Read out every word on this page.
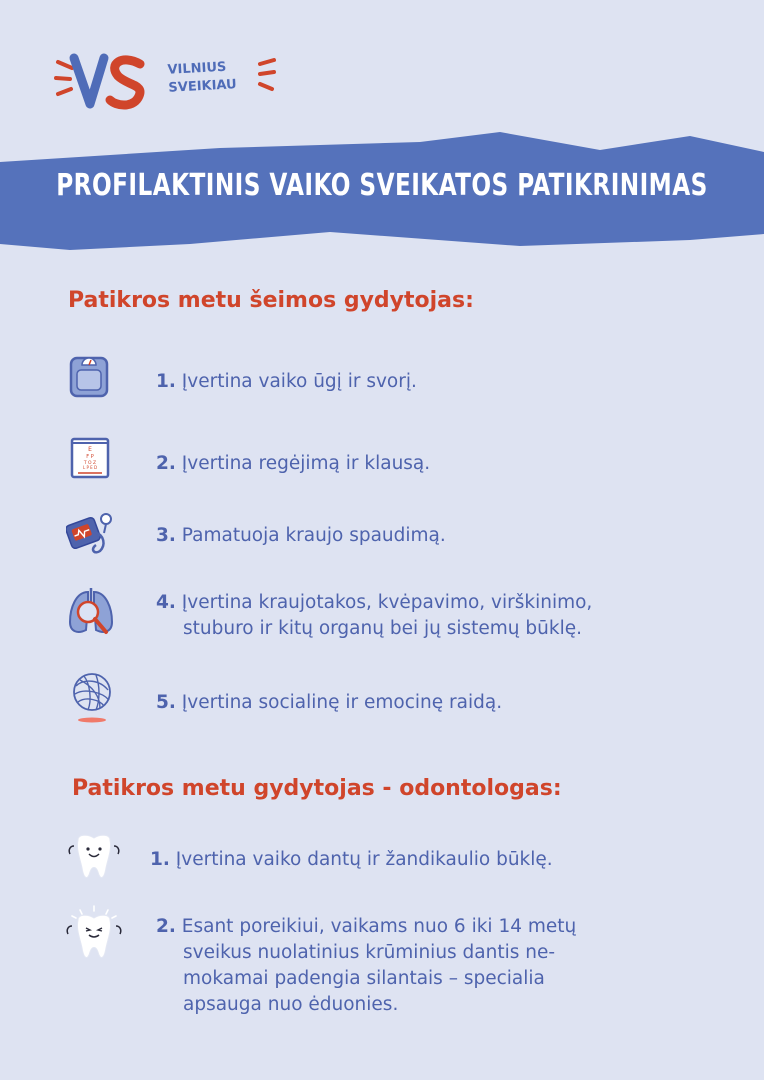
VILNIUS
SVEIKIAU
PROFILAKTINIS VAIKO SVEIKATOS PATIKRINIMAS
Patikros metu šeimos gydytojas:
1. Įvertina vaiko ūgį ir svorį.
E
F P
T O Z
L P E D	2. Įvertina regėjimą ir klausą.
3. Pamatuoja kraujo spaudimą.
4. Įvertina kraujotakos, kvėpavimo, virškinimo,
stuburo ir kitų organų bei jų sistemų būklę.
5. Įvertina socialinę ir emocinę raidą.
Patikros metu gydytojas - odontologas:
1. Įvertina vaiko dantų ir žandikaulio būklę.
2. Esant poreikiui, vaikams nuo 6 iki 14 metų
sveikus nuolatinius krūminius dantis ne-
mokamai padengia silantais – specialia
apsauga nuo ėduonies.
